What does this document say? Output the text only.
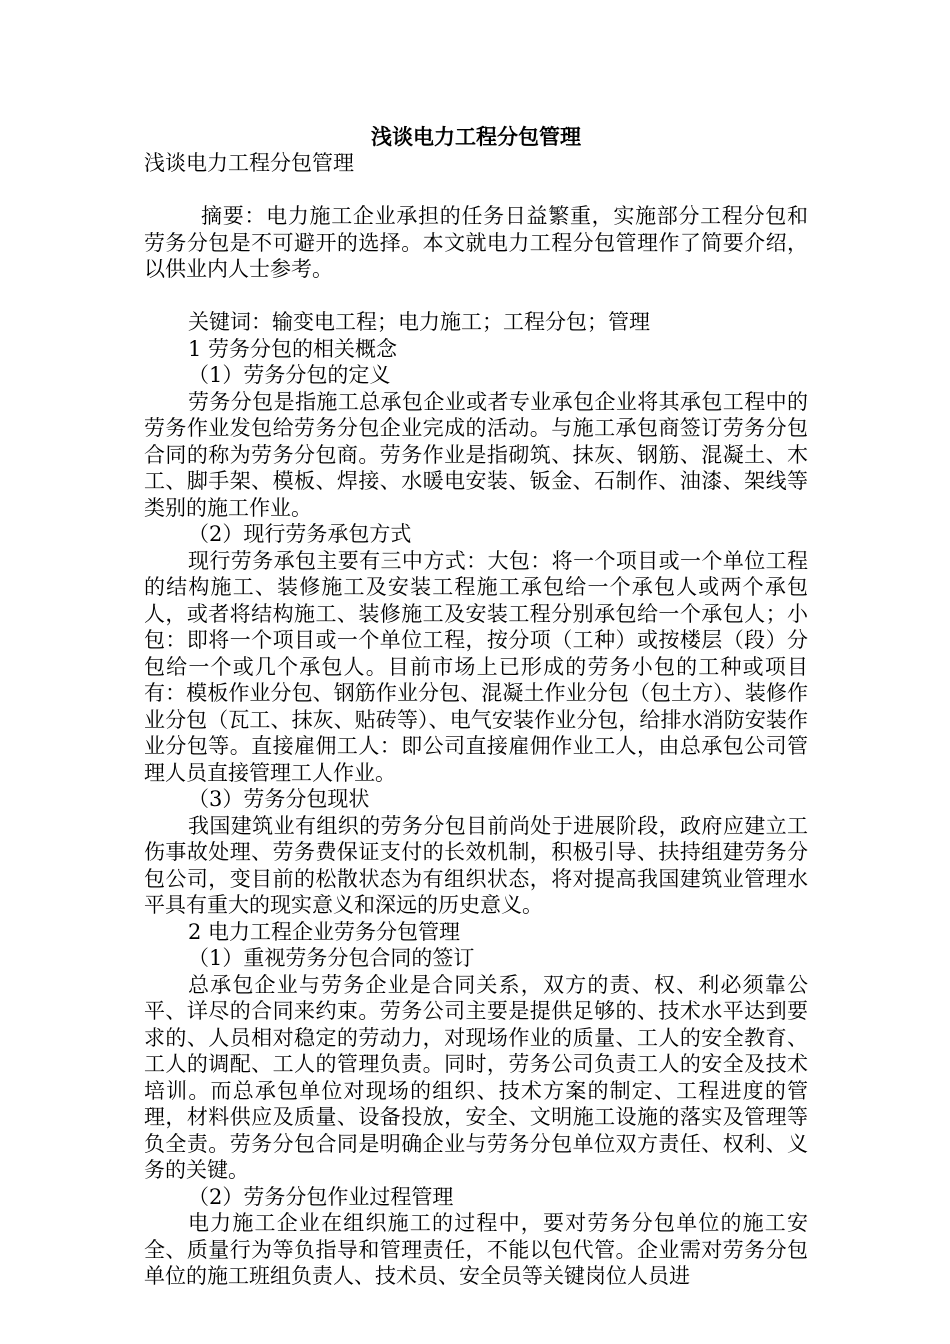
浅谈电力工程分包管理

浅谈电力工程分包管理

摘要：电力施工企业承担的任务日益繁重，实施部分工程分包和劳务分包是不可避开的选择。本文就电力工程分包管理作了简要介绍，以供业内人士参考。

关键词：输变电工程；电力施工；工程分包；管理

1 劳务分包的相关概念

（1）劳务分包的定义

劳务分包是指施工总承包企业或者专业承包企业将其承包工程中的劳务作业发包给劳务分包企业完成的活动。与施工承包商签订劳务分包合同的称为劳务分包商。劳务作业是指砌筑、抹灰、钢筋、混凝土、木工、脚手架、模板、焊接、水暖电安装、钣金、石制作、油漆、架线等类别的施工作业。

（2）现行劳务承包方式

现行劳务承包主要有三中方式：大包：将一个项目或一个单位工程的结构施工、装修施工及安装工程施工承包给一个承包人或两个承包人，或者将结构施工、装修施工及安装工程分别承包给一个承包人；小包：即将一个项目或一个单位工程，按分项（工种）或按楼层（段）分包给一个或几个承包人。目前市场上已形成的劳务小包的工种或项目有：模板作业分包、钢筋作业分包、混凝土作业分包（包土方）、装修作业分包（瓦工、抹灰、贴砖等）、电气安装作业分包，给排水消防安装作业分包等。直接雇佣工人：即公司直接雇佣作业工人，由总承包公司管理人员直接管理工人作业。

（3）劳务分包现状

我国建筑业有组织的劳务分包目前尚处于进展阶段，政府应建立工伤事故处理、劳务费保证支付的长效机制，积极引导、扶持组建劳务分包公司，变目前的松散状态为有组织状态，将对提高我国建筑业管理水平具有重大的现实意义和深远的历史意义。

2 电力工程企业劳务分包管理

（1）重视劳务分包合同的签订

总承包企业与劳务企业是合同关系，双方的责、权、利必须靠公平、详尽的合同来约束。劳务公司主要是提供足够的、技术水平达到要求的、人员相对稳定的劳动力，对现场作业的质量、工人的安全教育、工人的调配、工人的管理负责。同时，劳务公司负责工人的安全及技术培训。而总承包单位对现场的组织、技术方案的制定、工程进度的管理，材料供应及质量、设备投放，安全、文明施工设施的落实及管理等负全责。劳务分包合同是明确企业与劳务分包单位双方责任、权利、义务的关键。

（2）劳务分包作业过程管理

电力施工企业在组织施工的过程中，要对劳务分包单位的施工安全、质量行为等负指导和管理责任，不能以包代管。企业需对劳务分包单位的施工班组负责人、技术员、安全员等关键岗位人员进
